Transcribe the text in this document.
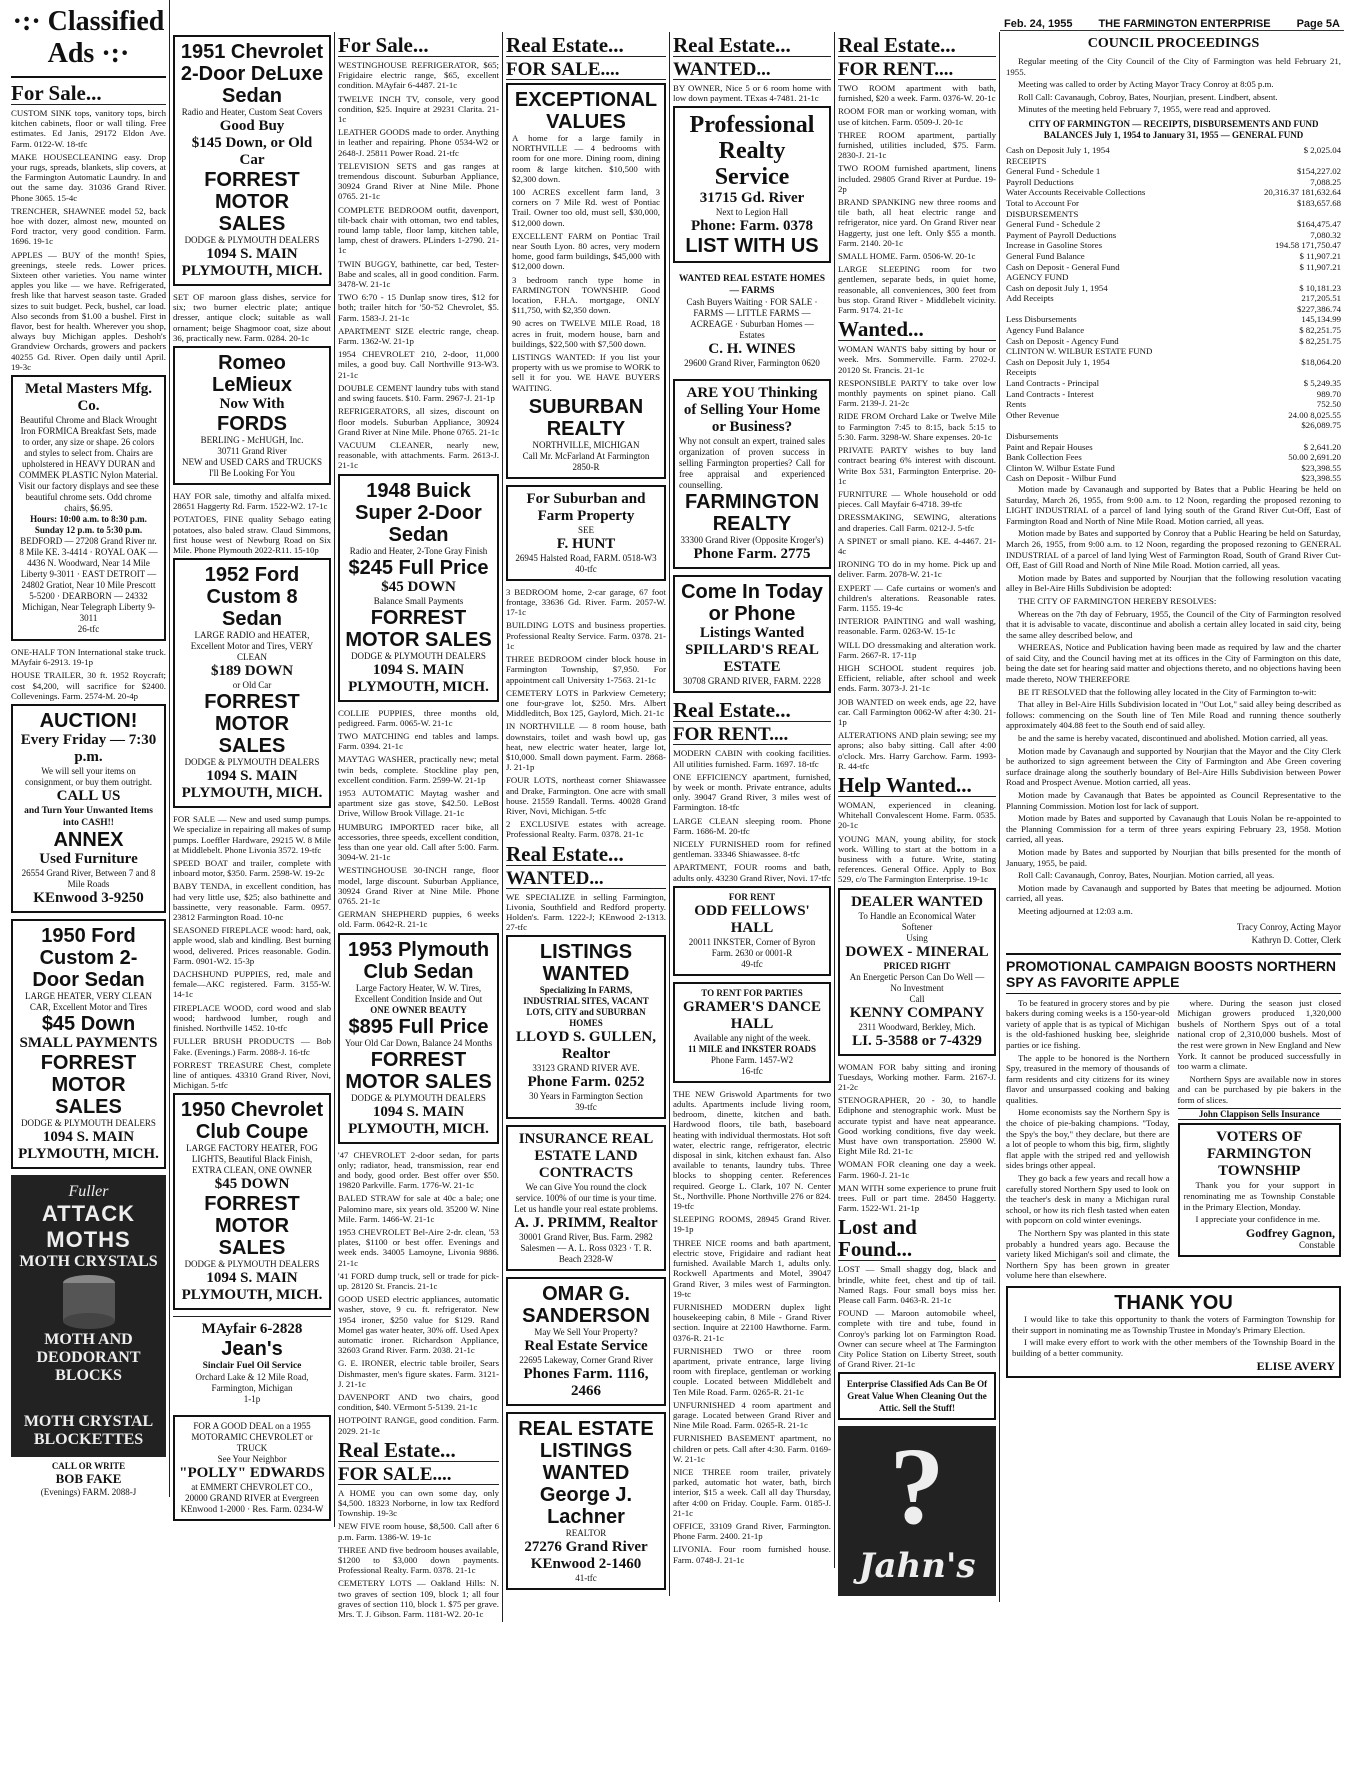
Feb. 24, 1955 THE FARMINGTON ENTERPRISE Page 5A
·:· Classified Ads ·:·
For Sale...

CUSTOM SINK tops, vanitory tops, birch kitchen cabinets, floor or wall tiling. Free estimates. Ed Janis, 29172 Eldon Ave. Farm. 0122-W. 18-tfc

MAKE HOUSECLEANING easy. Drop your rugs, spreads, blankets, slip covers, at the Farmington Automatic Laundry. In and out the same day. 31036 Grand River. Phone 3065. 15-4c

TRENCHER, SHAWNEE model 52, back hoe with dozer, almost new, mounted on Ford tractor, very good condition. Farm. 1696. 19-1c

APPLES — BUY of the month! Spies, greenings, steele reds. Lower prices. Sixteen other varieties. You name winter apples you like — we have. Refrigerated, fresh like that harvest season taste. Graded sizes to suit budget. Peck, bushel, car load. Also seconds from $1.00 a bushel. First in flavor, best for health. Wherever you shop, always buy Michigan apples. Deshoh's Grandview Orchards, growers and packers 40255 Gd. River. Open daily until April. 19-3c

Metal Masters Mfg. Co.
Beautiful Chrome and Black Wrought Iron FORMICA Breakfast Sets, made to order, any size or shape. 26 colors and styles to select from. Chairs are upholstered in HEAVY DURAN and COMMEK PLASTIC Nylon Material. Visit our factory displays and see these beautiful chrome sets. Odd chrome chairs, $6.95.
Hours: 10:00 a.m. to 8:30 p.m. Sunday 12 p.m. to 5:30 p.m.
BEDFORD — 27208 Grand River nr. 8 Mile KE. 3-4414 · ROYAL OAK — 4436 N. Woodward, Near 14 Mile Liberty 9-3011 · EAST DETROIT — 24802 Gratiot, Near 10 Mile Prescott 5-5200 · DEARBORN — 24332 Michigan, Near Telegraph Liberty 9-3011
26-tfc

ONE-HALF TON International stake truck. MAyfair 6-2913. 19-1p

HOUSE TRAILER, 30 ft. 1952 Roycraft; cost $4,200, will sacrifice for $2400. Collevenings. Farm. 2574-M. 20-4p

AUCTION!
Every Friday — 7:30 p.m.
We will sell your items on consignment, or buy them outright.
CALL US
and Turn Your Unwanted Items into CASH!!
ANNEX
Used Furniture
26554 Grand River, Between 7 and 8 Mile Roads
KEnwood 3-9250
1950 Ford Custom 2-Door Sedan
LARGE HEATER, VERY CLEAN CAR, Excellent Motor and Tires
$45 Down
SMALL PAYMENTS
FORREST MOTOR SALES
DODGE & PLYMOUTH DEALERS
1094 S. MAIN PLYMOUTH, MICH.
Fuller
ATTACK MOTHS
MOTH CRYSTALS
MOTH AND DEODORANT BLOCKS
MOTH CRYSTAL BLOCKETTES
CALL OR WRITE
BOB FAKE
(Evenings) FARM. 2088-J
1951 Chevrolet 2-Door DeLuxe Sedan
Radio and Heater, Custom Seat Covers
Good Buy
$145 Down, or Old Car
FORREST MOTOR SALES
DODGE & PLYMOUTH DEALERS
1094 S. MAIN PLYMOUTH, MICH.

SET OF maroon glass dishes, service for six; two burner electric plate; antique dresser, antique clock; suitable as wall ornament; beige Shagmoor coat, size about 36, practically new. Farm. 0284. 20-1c

Romeo LeMieux
Now With
FORDS
BERLING - McHUGH, Inc.
30711 Grand River
NEW and USED CARS and TRUCKS
I'll Be Looking For You

HAY FOR sale, timothy and alfalfa mixed. 28651 Haggerty Rd. Farm. 1522-W2. 17-1c

POTATOES, FINE quality Sebago eating potatoes, also baled straw. Claud Simmons, first house west of Newburg Road on Six Mile. Phone Plymouth 2022-R11. 15-10p

1952 Ford Custom 8 Sedan
LARGE RADIO and HEATER, Excellent Motor and Tires, VERY CLEAN
$189 DOWN
or Old Car
FORREST MOTOR SALES
DODGE & PLYMOUTH DEALERS
1094 S. MAIN PLYMOUTH, MICH.

FOR SALE — New and used sump pumps. We specialize in repairing all makes of sump pumps. Loeffler Hardware, 29215 W. 8 Mile at Middlebelt. Phone Livonia 3572. 19-tfc

SPEED BOAT and trailer, complete with inboard motor, $350. Farm. 2598-W. 19-2c

BABY TENDA, in excellent condition, has had very little use, $25; also bathinette and bassinette, very reasonable. Farm. 0957. 23812 Farmington Road. 10-nc

SEASONED FIREPLACE wood: hard, oak, apple wood, slab and kindling. Best burning wood, delivered. Prices reasonable. Godin. Farm. 0901-W2. 15-3p

DACHSHUND PUPPIES, red, male and female—AKC registered. Farm. 3155-W. 14-1c

FIREPLACE WOOD, cord wood and slab wood; hardwood lumber, rough and finished. Northville 1452. 10-tfc

FULLER BRUSH PRODUCTS — Bob Fake. (Evenings.) Farm. 2088-J. 16-tfc

FORREST TREASURE Chest, complete line of antiques. 43310 Grand River, Novi, Michigan. 5-tfc

1950 Chevrolet Club Coupe
LARGE FACTORY HEATER, FOG LIGHTS, Beautiful Black Finish, EXTRA CLEAN, ONE OWNER
$45 DOWN
FORREST MOTOR SALES
DODGE & PLYMOUTH DEALERS
1094 S. MAIN PLYMOUTH, MICH.
MAyfair 6-2828
Jean's
Sinclair Fuel Oil Service
Orchard Lake & 12 Mile Road, Farmington, Michigan
1-1p
FOR A GOOD DEAL on a 1955 MOTORAMIC CHEVROLET or TRUCK
See Your Neighbor
"POLLY" EDWARDS
at EMMERT CHEVROLET CO., 20000 GRAND RIVER at Evergreen
KEnwood 1-2000 · Res. Farm. 0234-W
For Sale...

WESTINGHOUSE REFRIGERATOR, $65; Frigidaire electric range, $65, excellent condition. MAyfair 6-4487. 21-1c

TWELVE INCH TV, console, very good condition, $25. Inquire at 29231 Clarita. 21-1c

LEATHER GOODS made to order. Anything in leather and repairing. Phone 0534-W2 or 2648-J. 25811 Power Road. 21-tfc

TELEVISION SETS and gas ranges at tremendous discount. Suburban Appliance, 30924 Grand River at Nine Mile. Phone 0765. 21-1c

COMPLETE BEDROOM outfit, davenport, tilt-back chair with ottoman, two end tables, round lamp table, floor lamp, kitchen table, lamp, chest of drawers. PLinders 1-2790. 21-1c

TWIN BUGGY, bathinette, car bed, Tester-Babe and scales, all in good condition. Farm. 3478-W. 21-1c

TWO 6:70 - 15 Dunlap snow tires, $12 for both; trailer hitch for '50-'52 Chevrolet, $5. Farm. 1583-J. 21-1c

APARTMENT SIZE electric range, cheap. Farm. 1362-W. 21-1p

1954 CHEVROLET 210, 2-door, 11,000 miles, a good buy. Call Northville 913-W3. 21-1c

DOUBLE CEMENT laundry tubs with stand and swing faucets. $10. Farm. 2967-J. 21-1p

REFRIGERATORS, all sizes, discount on floor models. Suburban Appliance, 30924 Grand River at Nine Mile. Phone 0765. 21-1c

VACUUM CLEANER, nearly new, reasonable, with attachments. Farm. 2613-J. 21-1c

1948 Buick Super 2-Door Sedan
Radio and Heater, 2-Tone Gray Finish
$245 Full Price
$45 DOWN
Balance Small Payments
FORREST MOTOR SALES
DODGE & PLYMOUTH DEALERS
1094 S. MAIN PLYMOUTH, MICH.

COLLIE PUPPIES, three months old, pedigreed. Farm. 0065-W. 21-1c

TWO MATCHING end tables and lamps. Farm. 0394. 21-1c

MAYTAG WASHER, practically new; metal twin beds, complete. Stockline play pen, excellent condition. Farm. 2599-W. 21-1p

1953 AUTOMATIC Maytag washer and apartment size gas stove, $42.50. LeBost Drive, Willow Brook Village. 21-1c

HUMBURG IMPORTED racer bike, all accessories, three speeds, excellent condition, less than one year old. Call after 5:00. Farm. 3094-W. 21-1c

WESTINGHOUSE 30-INCH range, floor model, large discount. Suburban Appliance, 30924 Grand River at Nine Mile. Phone 0765. 21-1c

GERMAN SHEPHERD puppies, 6 weeks old. Farm. 0642-R. 21-1c

1953 Plymouth Club Sedan
Large Factory Heater, W. W. Tires, Excellent Condition Inside and Out
ONE OWNER BEAUTY
$895 Full Price
Your Old Car Down, Balance 24 Months
FORREST MOTOR SALES
DODGE & PLYMOUTH DEALERS
1094 S. MAIN PLYMOUTH, MICH.

'47 CHEVROLET 2-door sedan, for parts only; radiator, head, transmission, rear end and body, good order. Best offer over $50. 19820 Parkville. Farm. 1776-W. 21-1c

BALED STRAW for sale at 40c a bale; one Palomino mare, six years old. 35200 W. Nine Mile. Farm. 1466-W. 21-1c

1953 CHEVROLET Bel-Aire 2-dr. clean, '53 plates, $1100 or best offer. Evenings and week ends. 34005 Lamoyne, Livonia 9886. 21-1c

'41 FORD dump truck, sell or trade for pick-up. 28120 St. Francis. 21-1c

GOOD USED electric appliances, automatic washer, stove, 9 cu. ft. refrigerator. New 1954 ironer, $250 value for $129. Rand Momel gas water heater, 30% off. Used Apex automatic ironer. Richardson Appliance, 32603 Grand River. Farm. 2038. 21-1c

G. E. IRONER, electric table broiler, Sears Dishmaster, men's figure skates. Farm. 3121-J. 21-1c

DAVENPORT AND two chairs, good condition, $40. VErmont 5-5139. 21-1c

HOTPOINT RANGE, good condition. Farm. 2029. 21-1c

Real Estate...
FOR SALE....

A HOME you can own some day, only $4,500. 18323 Norborne, in low tax Redford Township. 19-3c

NEW FIVE room house, $8,500. Call after 6 p.m. Farm. 1386-W. 19-1c

THREE AND five bedroom houses available, $1200 to $3,000 down payments. Professional Realty. Farm. 0378. 21-1c

CEMETERY LOTS — Oakland Hills: N. two graves of section 109, block 1; all four graves of section 110, block 1. $75 per grave. Mrs. T. J. Gibson. Farm. 1181-W2. 20-1c

Real Estate...
FOR SALE....
EXCEPTIONAL VALUES

A home for a large family in NORTHVILLE — 4 bedrooms with room for one more. Dining room, dining room & large kitchen. $10,500 with $2,300 down.

100 ACRES excellent farm land, 3 corners on 7 Mile Rd. west of Pontiac Trail. Owner too old, must sell, $30,000, $12,000 down.

EXCELLENT FARM on Pontiac Trail near South Lyon. 80 acres, very modern home, good farm buildings, $45,000 with $12,000 down.

3 bedroom ranch type home in FARMINGTON TOWNSHIP. Good location, F.H.A. mortgage, ONLY $11,750, with $2,350 down.

90 acres on TWELVE MILE Road, 18 acres in fruit, modern house, barn and buildings, $22,500 with $7,500 down.

LISTINGS WANTED: If you list your property with us we promise to WORK to sell it for you. WE HAVE BUYERS WAITING.

SUBURBAN REALTY
NORTHVILLE, MICHIGAN
Call Mr. McFarland At Farmington 2850-R
For Suburban and Farm Property
SEE
F. HUNT
26945 Halsted Road, FARM. 0518-W3
40-tfc

3 BEDROOM home, 2-car garage, 67 foot frontage, 33636 Gd. River. Farm. 2057-W. 17-1c

BUILDING LOTS and business properties. Professional Realty Service. Farm. 0378. 21-1c

THREE BEDROOM cinder block house in Farmington Township, $7,950. For appointment call University 1-7563. 21-1c

CEMETERY LOTS in Parkview Cemetery; one four-grave lot, $250. Mrs. Albert Middleditch, Box 125, Gaylord, Mich. 21-1c

IN NORTHVILLE — 8 room house, bath downstairs, toilet and wash bowl up, gas heat, new electric water heater, large lot, $10,000. Small down payment. Farm. 2868-J. 21-1p

FOUR LOTS, northeast corner Shiawassee and Drake, Farmington. One acre with small house. 21559 Randall. Terms. 40028 Grand River, Novi, Michigan. 5-tfc

2 EXCLUSIVE estates with acreage. Professional Realty. Farm. 0378. 21-1c

Real Estate...
WANTED...

WE SPECIALIZE in selling Farmington, Livonia, Southfield and Redford property. Holden's. Farm. 1222-J; KEnwood 2-1313. 27-tfc

LISTINGS WANTED
Specializing In FARMS, INDUSTRIAL SITES, VACANT LOTS, CITY and SUBURBAN HOMES
LLOYD S. GULLEN, Realtor
33123 GRAND RIVER AVE.
Phone Farm. 0252
30 Years in Farmington Section
39-tfc
INSURANCE REAL ESTATE LAND CONTRACTS
We can Give You round the clock service. 100% of our time is your time. Let us handle your real estate problems.
A. J. PRIMM, Realtor
30001 Grand River, Bus. Farm. 2982
Salesmen — A. L. Ross 0323 · T. R. Beach 2328-W
OMAR G. SANDERSON
May We Sell Your Property?
Real Estate Service
22695 Lakeway, Corner Grand River
Phones Farm. 1116, 2466
REAL ESTATE LISTINGS WANTED
George J. Lachner
REALTOR
27276 Grand River
KEnwood 2-1460
41-tfc
Real Estate...
WANTED...

BY OWNER, Nice 5 or 6 room home with low down payment. TExas 4-7481. 21-1c

Professional Realty Service
31715 Gd. River
Next to Legion Hall
Phone: Farm. 0378
LIST WITH US
WANTED REAL ESTATE HOMES — FARMS
Cash Buyers Waiting · FOR SALE · FARMS — LITTLE FARMS — ACREAGE · Suburban Homes — Estates
C. H. WINES
29600 Grand River, Farmington 0620
ARE YOU Thinking of Selling Your Home or Business?
Why not consult an expert, trained sales organization of proven success in selling Farmington properties? Call for free appraisal and experienced counselling.
FARMINGTON REALTY
33300 Grand River (Opposite Kroger's)
Phone Farm. 2775
Come In Today or Phone
Listings Wanted
SPILLARD'S REAL ESTATE
30708 GRAND RIVER, FARM. 2228
Real Estate...
FOR RENT....

MODERN CABIN with cooking facilities. All utilities furnished. Farm. 1697. 18-tfc

ONE EFFICIENCY apartment, furnished, by week or month. Private entrance, adults only. 39047 Grand River, 3 miles west of Farmington. 18-tfc

LARGE CLEAN sleeping room. Phone Farm. 1686-M. 20-tfc

NICELY FURNISHED room for refined gentleman. 33346 Shiawassee. 8-tfc

APARTMENT, FOUR rooms and bath, adults only. 43230 Grand River, Novi. 17-tfc

FOR RENT
ODD FELLOWS' HALL
20011 INKSTER, Corner of Byron
Farm. 2630 or 0001-R
49-tfc
TO RENT FOR PARTIES
GRAMER'S DANCE HALL
Available any night of the week.
11 MILE and INKSTER ROADS
Phone Farm. 1457-W2
16-tfc

THE NEW Griswold Apartments for two adults. Apartments include living room, bedroom, dinette, kitchen and bath. Hardwood floors, tile bath, baseboard heating with individual thermostats. Hot soft water, electric range, refrigerator, electric disposal in sink, kitchen exhaust fan. Also available to tenants, laundry tubs. Three blocks to shopping center. References required. George L. Clark, 107 N. Center St., Northville. Phone Northville 276 or 824. 19-tfc

SLEEPING ROOMS, 28945 Grand River. 19-1p

THREE NICE rooms and bath apartment, electric stove, Frigidaire and radiant heat furnished. Available March 1, adults only. Rockwell Apartments and Motel, 39047 Grand River, 3 miles west of Farmington. 19-tc

FURNISHED MODERN duplex light housekeeping cabin, 8 Mile - Grand River section. Inquire at 22100 Hawthorne. Farm. 0376-R. 21-1c

FURNISHED TWO or three room apartment, private entrance, large living room with fireplace, gentleman or working couple. Located between Middlebelt and Ten Mile Road. Farm. 0265-R. 21-1c

UNFURNISHED 4 room apartment and garage. Located between Grand River and Nine Mile Road. Farm. 0265-R. 21-1c

FURNISHED BASEMENT apartment, no children or pets. Call after 4:30. Farm. 0169-W. 21-1c

NICE THREE room trailer, privately parked, automatic hot water, bath, birch interior, $15 a week. Call all day Thursday, after 4:00 on Friday. Couple. Farm. 0185-J. 21-1c

OFFICE, 33109 Grand River, Farmington. Phone Farm. 2400. 21-1p

LIVONIA. Four room furnished house. Farm. 0748-J. 21-1c

Real Estate...
FOR RENT....

TWO ROOM apartment with bath, furnished, $20 a week. Farm. 0376-W. 20-1c

ROOM FOR man or working woman, with use of kitchen. Farm. 0509-J. 20-1c

THREE ROOM apartment, partially furnished, utilities included, $75. Farm. 2830-J. 21-1c

TWO ROOM furnished apartment, linens included. 29805 Grand River at Purdue. 19-2p

BRAND SPANKING new three rooms and tile bath, all heat electric range and refrigerator, nice yard. On Grand River near Haggerty, just one left. Only $55 a month. Farm. 2140. 20-1c

SMALL HOME. Farm. 0506-W. 20-1c

LARGE SLEEPING room for two gentlemen, separate beds, in quiet home, reasonable, all conveniences, 300 feet from bus stop. Grand River - Middlebelt vicinity. Farm. 9174. 21-1c

Wanted...

WOMAN WANTS baby sitting by hour or week. Mrs. Sommerville. Farm. 2702-J. 20120 St. Francis. 21-1c

RESPONSIBLE PARTY to take over low monthly payments on spinet piano. Call Farm. 2139-J. 21-2c

RIDE FROM Orchard Lake or Twelve Mile to Farmington 7:45 to 8:15, back 5:15 to 5:30. Farm. 3298-W. Share expenses. 20-1c

PRIVATE PARTY wishes to buy land contract bearing 6% interest with discount. Write Box 531, Farmington Enterprise. 20-1c

FURNITURE — Whole household or odd pieces. Call Mayfair 6-4718. 39-tfc

DRESSMAKING, SEWING, alterations and draperies. Call Farm. 0212-J. 5-tfc

A SPINET or small piano. KE. 4-4467. 21-4c

IRONING TO do in my home. Pick up and deliver. Farm. 2078-W. 21-1c

EXPERT — Cafe curtains or women's and children's alterations. Reasonable rates. Farm. 1155. 19-4c

INTERIOR PAINTING and wall washing, reasonable. Farm. 0263-W. 15-1c

WILL DO dressmaking and alteration work. Farm. 2667-R. 17-11p

HIGH SCHOOL student requires job. Efficient, reliable, after school and week ends. Farm. 3073-J. 21-1c

JOB WANTED on week ends, age 22, have car. Call Farmington 0062-W after 4:30. 21-1p

ALTERATIONS AND plain sewing; see my aprons; also baby sitting. Call after 4:00 o'clock. Mrs. Harry Garchow. Farm. 1993-R. 44-tfc

Help Wanted...

WOMAN, experienced in cleaning. Whitehall Convalescent Home. Farm. 0535. 20-1c

YOUNG MAN, young ability, for stock work. Willing to start at the bottom in a business with a future. Write, stating references. General Office. Apply to Box 529, c/o The Farmington Enterprise. 19-1c

DEALER WANTED
To Handle an Economical Water Softener
Using
DOWEX - MINERAL
PRICED RIGHT
An Energetic Person Can Do Well — No Investment
Call
KENNY COMPANY
2311 Woodward, Berkley, Mich.
LI. 5-3588 or 7-4329

WOMAN FOR baby sitting and ironing Tuesdays, Working mother. Farm. 2167-J. 21-2c

STENOGRAPHER, 20 - 30, to handle Ediphone and stenographic work. Must be accurate typist and have neat appearance. Good working conditions, five day week. Must have own transportation. 25900 W. Eight Mile Rd. 21-1c

WOMAN FOR cleaning one day a week. Farm. 1960-J. 21-1c

MAN WITH some experience to prune fruit trees. Full or part time. 28450 Haggerty. Farm. 1522-W1. 21-1p

Lost and Found...

LOST — Small shaggy dog, black and brindle, white feet, chest and tip of tail. Named Rags. Four small boys miss her. Please call Farm. 0463-R. 21-1c

FOUND — Maroon automobile wheel, complete with tire and tube, found in Conroy's parking lot on Farmington Road. Owner can secure wheel at The Farmington City Police Station on Liberty Street, south of Grand River. 21-1c

Enterprise Classified Ads Can Be Of Great Value When Cleaning Out the Attic. Sell the Stuff!
?
Jahn's
COUNCIL PROCEEDINGS

Regular meeting of the City Council of the City of Farmington was held February 21, 1955.

Meeting was called to order by Acting Mayor Tracy Conroy at 8:05 p.m.

Roll Call: Cavanaugh, Cobroy, Bates, Nourjian, present. Lindbert, absent.

Minutes of the meeting held February 7, 1955, were read and approved.

CITY OF FARMINGTON — RECEIPTS, DISBURSEMENTS AND FUND BALANCES July 1, 1954 to January 31, 1955 — GENERAL FUND
Cash on Deposit July 1, 1954	$ 2,025.04
RECEIPTS
General Fund - Schedule 1	$154,227.02
Payroll Deductions	7,088.25
Water Accounts Receivable Collections	20,316.37 181,632.64
Total to Account For	$183,657.68
DISBURSEMENTS
General Fund - Schedule 2	$164,475.47
Payment of Payroll Deductions	7,080.32
Increase in Gasoline Stores	194.58 171,750.47
General Fund Balance	$ 11,907.21
Cash on Deposit - General Fund	$ 11,907.21
AGENCY FUND
Cash on deposit July 1, 1954	$ 10,181.23
Add Receipts	217,205.51
$227,386.74
Less Disbursements	145,134.99
Agency Fund Balance	$ 82,251.75
Cash on Deposit - Agency Fund	$ 82,251.75
CLINTON W. WILBUR ESTATE FUND
Cash on Deposit July 1, 1954	$18,064.20
Receipts
Land Contracts - Principal	$ 5,249.35
Land Contracts - Interest	989.70
Rents	752.50
Other Revenue	24.00 8,025.55
$26,089.75
Disbursements
Paint and Repair Houses	$ 2,641.20
Bank Collection Fees	50.00 2,691.20
Clinton W. Wilbur Estate Fund	$23,398.55
Cash on Deposit - Wilbur Fund	$23,398.55

Motion made by Cavanaugh and supported by Bates that a Public Hearing be held on Saturday, March 26, 1955, from 9:00 a.m. to 12 Noon, regarding the proposed rezoning to LIGHT INDUSTRIAL of a parcel of land lying south of the Grand River Cut-Off, East of Farmington Road and North of Nine Mile Road. Motion carried, all yeas.

Motion made by Bates and supported by Conroy that a Public Hearing be held on Saturday, March 26, 1955, from 9:00 a.m. to 12 Noon, regarding the proposed rezoning to GENERAL INDUSTRIAL of a parcel of land lying West of Farmington Road, South of Grand River Cut-Off, East of Gill Road and North of Nine Mile Road. Motion carried, all yeas.

Motion made by Bates and supported by Nourjian that the following resolution vacating alley in Bel-Aire Hills Subdivision be adopted:

THE CITY OF FARMINGTON HEREBY RESOLVES:

Whereas on the 7th day of February, 1955, the Council of the City of Farmington resolved that it is advisable to vacate, discontinue and abolish a certain alley located in said city, being the same alley described below, and

WHEREAS, Notice and Publication having been made as required by law and the charter of said City, and the Council having met at its offices in the City of Farmington on this date, being the date set for hearing said matter and objections thereto, and no objections having been made thereto, NOW THEREFORE

BE IT RESOLVED that the following alley located in the City of Farmington to-wit:

That alley in Bel-Aire Hills Subdivision located in "Out Lot," said alley being described as follows: commencing on the South line of Ten Mile Road and running thence southerly approximately 404.88 feet to the South end of said alley.

be and the same is hereby vacated, discontinued and abolished. Motion carried, all yeas.

Motion made by Cavanaugh and supported by Nourjian that the Mayor and the City Clerk be authorized to sign agreement between the City of Farmington and Abe Green covering surface drainage along the southerly boundary of Bel-Aire Hills Subdivision between Power Road and Prospect Avenue. Motion carried, all yeas.

Motion made by Cavanaugh that Bates be appointed as Council Representative to the Planning Commission. Motion lost for lack of support.

Motion made by Bates and supported by Cavanaugh that Louis Nolan be re-appointed to the Planning Commission for a term of three years expiring February 23, 1958. Motion carried, all yeas.

Motion made by Bates and supported by Nourjian that bills presented for the month of January, 1955, be paid.

Roll Call: Cavanaugh, Conroy, Bates, Nourjian. Motion carried, all yeas.

Motion made by Cavanaugh and supported by Bates that meeting be adjourned. Motion carried, all yeas.

Meeting adjourned at 12:03 a.m.

Tracy Conroy, Acting Mayor
Kathryn D. Cotter, Clerk
PROMOTIONAL CAMPAIGN BOOSTS NORTHERN SPY AS FAVORITE APPLE

To be featured in grocery stores and by pie bakers during coming weeks is a 150-year-old variety of apple that is as typical of Michigan is the old-fashioned husking bee, sleighride parties or ice fishing.

The apple to be honored is the Northern Spy, treasured in the memory of thousands of farm residents and city citizens for its winey flavor and unsurpassed cooking and baking qualities.

Home economists say the Northern Spy is the choice of pie-baking champions. "Today, the Spy's the boy," they declare, but there are a lot of people to whom this big, firm, slightly flat apple with the striped red and yellowish sides brings other appeal.

They go back a few years and recall how a carefully stored Northern Spy used to look on the teacher's desk in many a Michigan rural school, or how its rich flesh tasted when eaten with popcorn on cold winter evenings.

The Northern Spy was planted in this state probably a hundred years ago. Because the variety liked Michigan's soil and climate, the Northern Spy has been grown in greater volume here than elsewhere.

where. During the season just closed Michigan growers produced 1,320,000 bushels of Northern Spys out of a total national crop of 2,310,000 bushels. Most of the rest were grown in New England and New York. It cannot be produced successfully in too warm a climate.

Northern Spys are available now in stores and can be purchased by pie bakers in the form of slices.

John Clappison Sells Insurance
VOTERS OF FARMINGTON TOWNSHIP

Thank you for your support in renominating me as Township Constable in the Primary Election, Monday.

I appreciate your confidence in me.

Godfrey Gagnon,
Constable
THANK YOU

I would like to take this opportunity to thank the voters of Farmington Township for their support in nominating me as Township Trustee in Monday's Primary Election.

I will make every effort to work with the other members of the Township Board in the building of a better community.

ELISE AVERY
